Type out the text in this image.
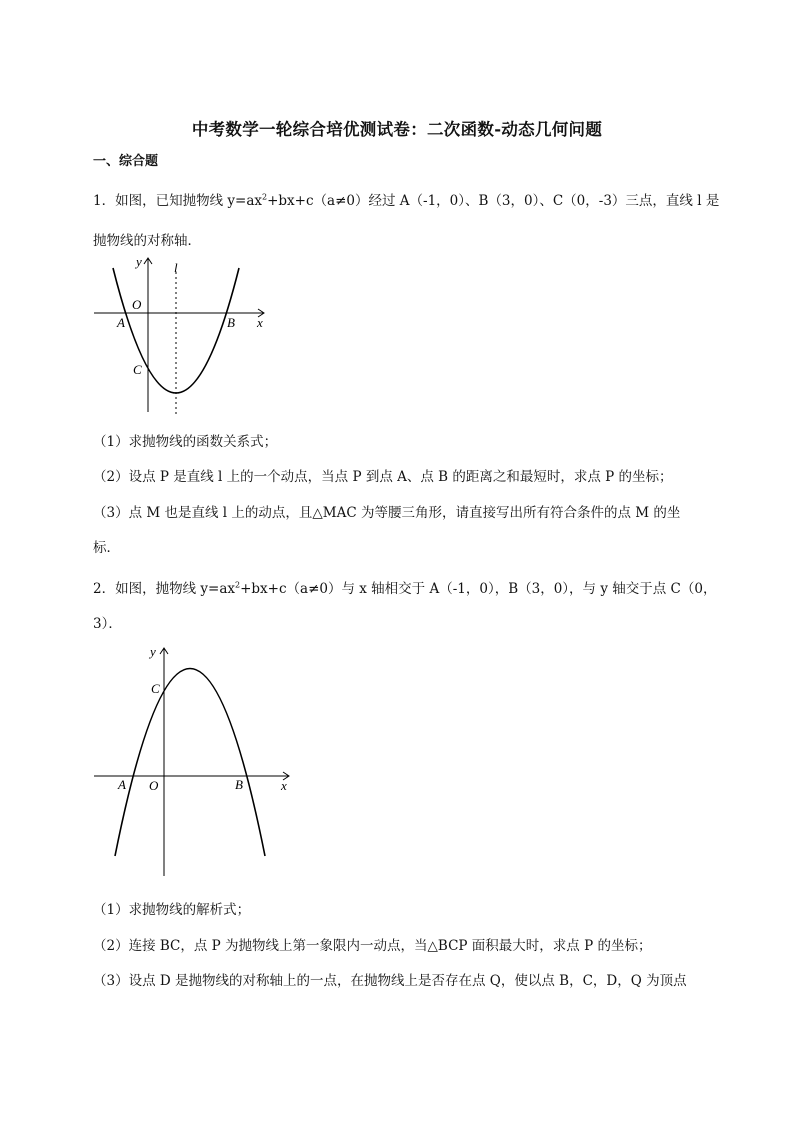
中考数学一轮综合培优测试卷：二次函数-动态几何问题
一、综合题
1．如图，已知抛物线 $y=ax^2+bx+c(a\ne 0)$经过 A（-1，0）、B（3，0）、C（0，-3）三点，直线 l 是
抛物线的对称轴．
y l
O
A	B x
C
（1）求抛物线的函数关系式；
（2）设点 P 是直线 l 上的一个动点，当点 P 到点 A、点 B 的距离之和最短时，求点 P 的坐标；
（3）点 M 也是直线 l 上的动点，且△MAC 为等腰三角形，请直接写出所有符合条件的点 M 的坐
标．
2．如图，抛物线 $y=ax^2+bx+c(a\ne 0)$与 x 轴相交于 A（-1，0），B（3，0），与 y 轴交于点 C（0，
3）．
y
C
A O	B	x
（1）求抛物线的解析式；
（2）连接 BC，点 P 为抛物线上第一象限内一动点，当△BCP 面积最大时，求点 P 的坐标；
（3）设点 D 是抛物线的对称轴上的一点，在抛物线上是否存在点 Q，使以点 B，C，D，Q 为顶点
